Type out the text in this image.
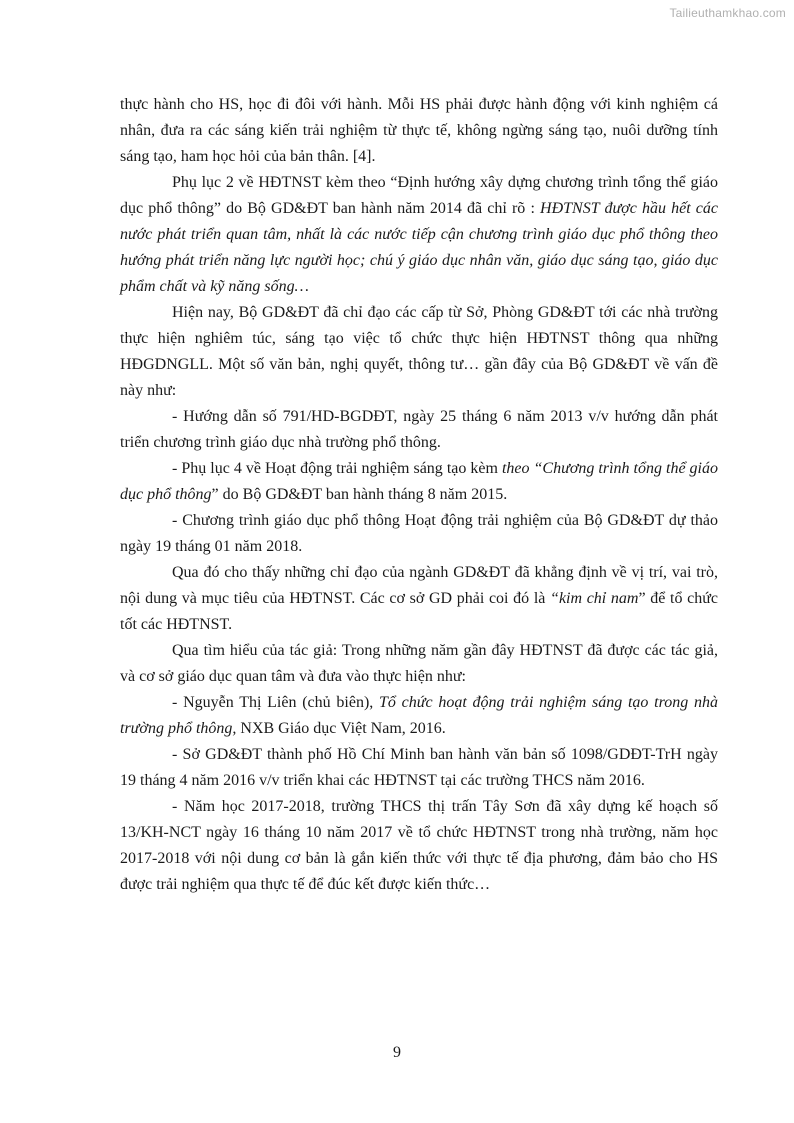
Tailieuthamkhao.com

thực hành cho HS, học đi đôi với hành. Mỗi HS phải được hành động với kinh nghiệm cá nhân, đưa ra các sáng kiến trải nghiệm từ thực tế, không ngừng sáng tạo, nuôi dưỡng tính sáng tạo, ham học hỏi của bản thân. [4].

Phụ lục 2 về HĐTNST kèm theo “Định hướng xây dựng chương trình tổng thể giáo dục phổ thông” do Bộ GD&ĐT ban hành năm 2014 đã chỉ rõ : HĐTNST được hầu hết các nước phát triển quan tâm, nhất là các nước tiếp cận chương trình giáo dục phổ thông theo hướng phát triển năng lực người học; chú ý giáo dục nhân văn, giáo dục sáng tạo, giáo dục phẩm chất và kỹ năng sống…

Hiện nay, Bộ GD&ĐT đã chỉ đạo các cấp từ Sở, Phòng GD&ĐT tới các nhà trường thực hiện nghiêm túc, sáng tạo việc tổ chức thực hiện HĐTNST thông qua những HĐGDNGLL. Một số văn bản, nghị quyết, thông tư… gần đây của Bộ GD&ĐT về vấn đề này như:

- Hướng dẫn số 791/HD-BGDĐT, ngày 25 tháng 6 năm 2013 v/v hướng dẫn phát triển chương trình giáo dục nhà trường phổ thông.

- Phụ lục 4 về Hoạt động trải nghiệm sáng tạo kèm theo “Chương trình tổng thể giáo dục phổ thông” do Bộ GD&ĐT ban hành tháng 8 năm 2015.

- Chương trình giáo dục phổ thông Hoạt động trải nghiệm của Bộ GD&ĐT dự thảo ngày 19 tháng 01 năm 2018.

Qua đó cho thấy những chỉ đạo của ngành GD&ĐT đã khẳng định về vị trí, vai trò, nội dung và mục tiêu của HĐTNST. Các cơ sở GD phải coi đó là “kim chỉ nam” để tổ chức tốt các HĐTNST.

Qua tìm hiểu của tác giả: Trong những năm gần đây HĐTNST đã được các tác giả, và cơ sở giáo dục quan tâm và đưa vào thực hiện như:

- Nguyễn Thị Liên (chủ biên), Tổ chức hoạt động trải nghiệm sáng tạo trong nhà trường phổ thông, NXB Giáo dục Việt Nam, 2016.

- Sở GD&ĐT thành phố Hồ Chí Minh ban hành văn bản số 1098/GDĐT-TrH ngày 19 tháng 4 năm 2016 v/v triển khai các HĐTNST tại các trường THCS năm 2016.

- Năm học 2017-2018, trường THCS thị trấn Tây Sơn đã xây dựng kế hoạch số 13/KH-NCT ngày 16 tháng 10 năm 2017 về tổ chức HĐTNST trong nhà trường, năm học 2017-2018 với nội dung cơ bản là gắn kiến thức với thực tế địa phương, đảm bảo cho HS được trải nghiệm qua thực tế để đúc kết được kiến thức…

9
